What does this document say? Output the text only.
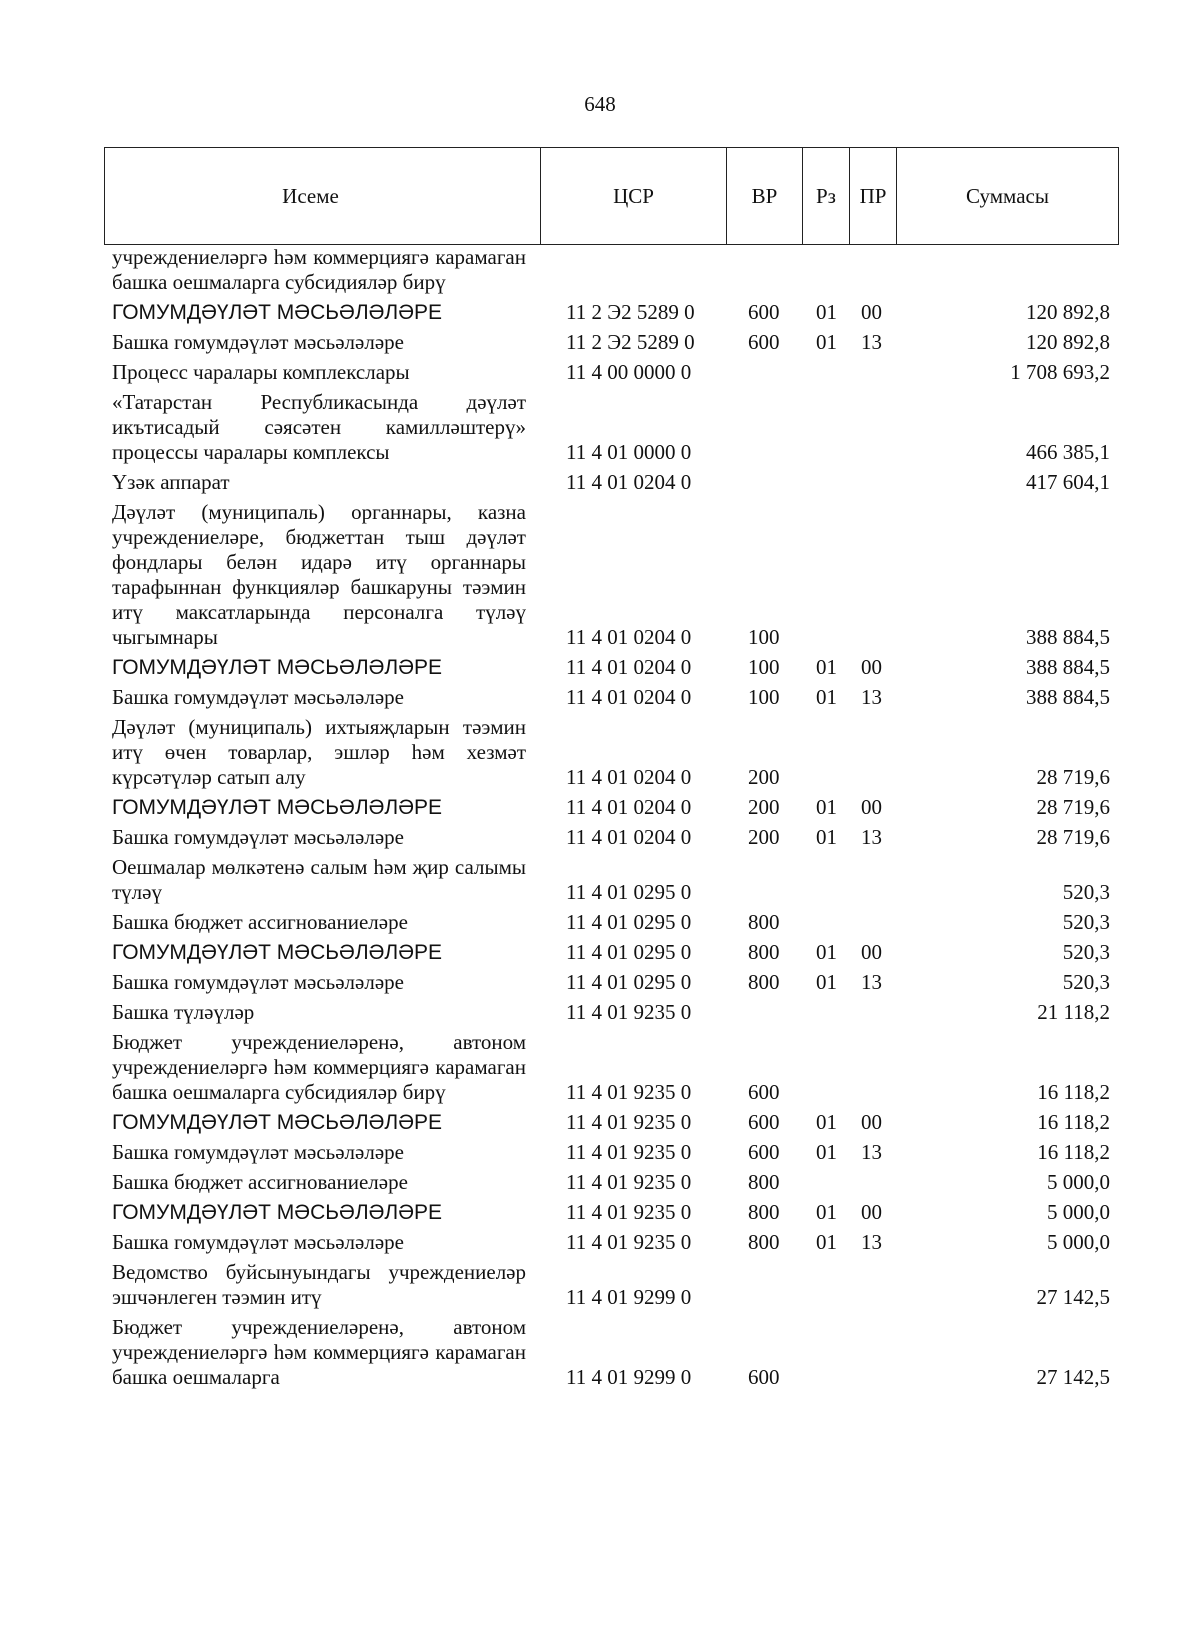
648
Исеме	ЦСР	ВР	Рз	ПР	Суммасы
учреждениеләргә һәм коммерциягә карамаган башка оешмаларга субсидияләр бирү					
ГОМУМДӘҮЛӘТ МӘСЬӘЛӘЛӘРЕ	11 2 Э2 5289 0	600	01	00	120 892,8
Башка гомумдәүләт мәсьәләләре	11 2 Э2 5289 0	600	01	13	120 892,8
Процесс чаралары комплекслары	11 4 00 0000 0				1 708 693,2
«Татарстан Республикасында дәүләт икътисадый сәясәтен камилләштерү» процессы чаралары комплексы	11 4 01 0000 0				466 385,1
Үзәк аппарат	11 4 01 0204 0				417 604,1
Дәүләт (муниципаль) органнары, казна учреждениеләре, бюджеттан тыш дәүләт фондлары белән идарә итү органнары тарафыннан функцияләр башкаруны тәэмин итү максатларында персоналга түләү чыгымнары	11 4 01 0204 0	100			388 884,5
ГОМУМДӘҮЛӘТ МӘСЬӘЛӘЛӘРЕ	11 4 01 0204 0	100	01	00	388 884,5
Башка гомумдәүләт мәсьәләләре	11 4 01 0204 0	100	01	13	388 884,5
Дәүләт (муниципаль) ихтыяҗларын тәэмин итү өчен товарлар, эшләр һәм хезмәт күрсәтүләр сатып алу	11 4 01 0204 0	200			28 719,6
ГОМУМДӘҮЛӘТ МӘСЬӘЛӘЛӘРЕ	11 4 01 0204 0	200	01	00	28 719,6
Башка гомумдәүләт мәсьәләләре	11 4 01 0204 0	200	01	13	28 719,6
Оешмалар мөлкәтенә салым һәм җир салымы түләү	11 4 01 0295 0				520,3
Башка бюджет ассигнованиеләре	11 4 01 0295 0	800			520,3
ГОМУМДӘҮЛӘТ МӘСЬӘЛӘЛӘРЕ	11 4 01 0295 0	800	01	00	520,3
Башка гомумдәүләт мәсьәләләре	11 4 01 0295 0	800	01	13	520,3
Башка түләүләр	11 4 01 9235 0				21 118,2
Бюджет учреждениеләренә, автоном учреждениеләргә һәм коммерциягә карамаган башка оешмаларга субсидияләр бирү	11 4 01 9235 0	600			16 118,2
ГОМУМДӘҮЛӘТ МӘСЬӘЛӘЛӘРЕ	11 4 01 9235 0	600	01	00	16 118,2
Башка гомумдәүләт мәсьәләләре	11 4 01 9235 0	600	01	13	16 118,2
Башка бюджет ассигнованиеләре	11 4 01 9235 0	800			5 000,0
ГОМУМДӘҮЛӘТ МӘСЬӘЛӘЛӘРЕ	11 4 01 9235 0	800	01	00	5 000,0
Башка гомумдәүләт мәсьәләләре	11 4 01 9235 0	800	01	13	5 000,0
Ведомство буйсынуындагы учреждениеләр эшчәнлеген тәэмин итү	11 4 01 9299 0				27 142,5
Бюджет учреждениеләренә, автоном учреждениеләргә һәм коммерциягә карамаган башка оешмаларга	11 4 01 9299 0	600			27 142,5
